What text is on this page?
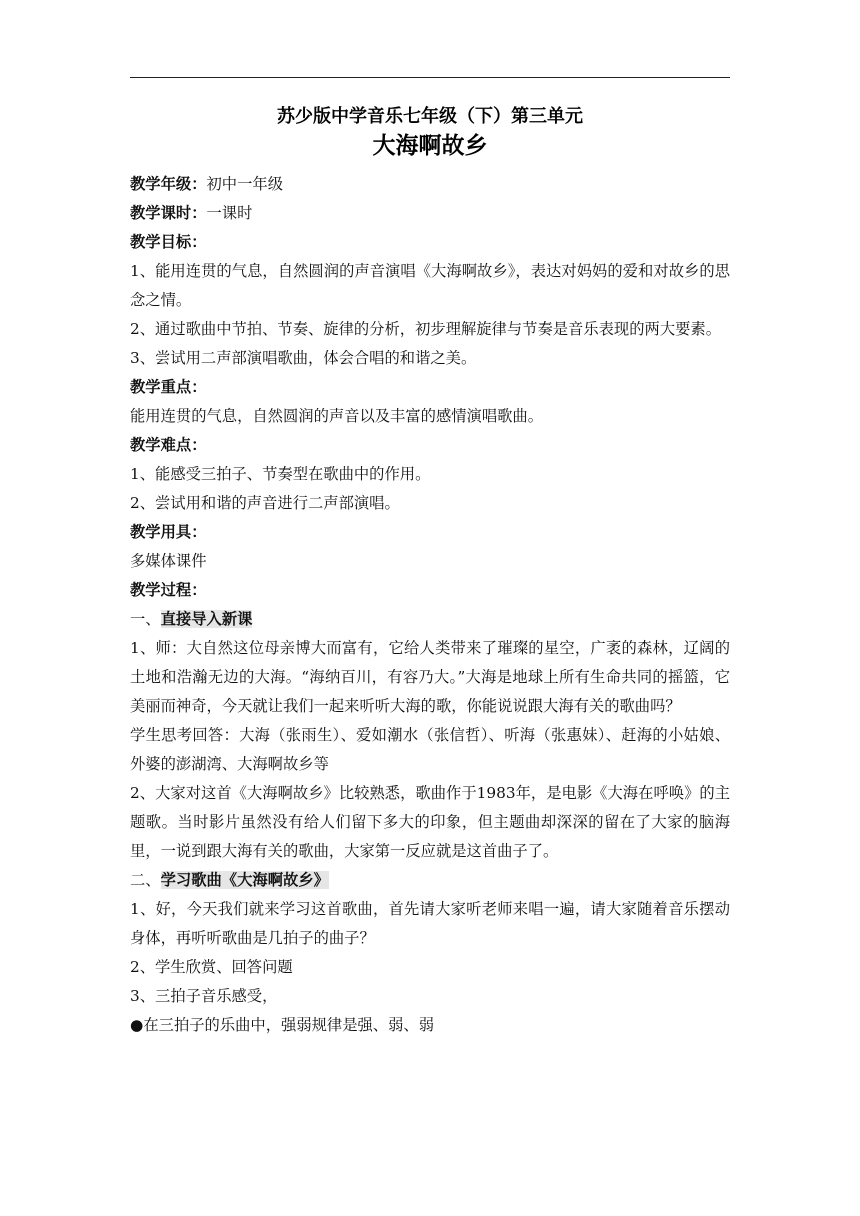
苏少版中学音乐七年级（下）第三单元

大海啊故乡

教学年级：初中一年级

教学课时：一课时

教学目标：

1、能用连贯的气息，自然圆润的声音演唱《大海啊故乡》，表达对妈妈的爱和对故乡的思念之情。

2、通过歌曲中节拍、节奏、旋律的分析，初步理解旋律与节奏是音乐表现的两大要素。

3、尝试用二声部演唱歌曲，体会合唱的和谐之美。

教学重点：

能用连贯的气息，自然圆润的声音以及丰富的感情演唱歌曲。

教学难点：

1、能感受三拍子、节奏型在歌曲中的作用。

2、尝试用和谐的声音进行二声部演唱。

教学用具：

多媒体课件

教学过程：

一、直接导入新课

1、师：大自然这位母亲博大而富有，它给人类带来了璀璨的星空，广袤的森林，辽阔的土地和浩瀚无边的大海。“海纳百川，有容乃大。”大海是地球上所有生命共同的摇篮，它美丽而神奇，今天就让我们一起来听听大海的歌，你能说说跟大海有关的歌曲吗？

学生思考回答：大海（张雨生）、爱如潮水（张信哲）、听海（张惠妹）、赶海的小姑娘、外婆的澎湖湾、大海啊故乡等

2、大家对这首《大海啊故乡》比较熟悉，歌曲作于1983年，是电影《大海在呼唤》的主题歌。当时影片虽然没有给人们留下多大的印象，但主题曲却深深的留在了大家的脑海里，一说到跟大海有关的歌曲，大家第一反应就是这首曲子了。

二、学习歌曲《大海啊故乡》

1、好，今天我们就来学习这首歌曲，首先请大家听老师来唱一遍，请大家随着音乐摆动身体，再听听歌曲是几拍子的曲子？

2、学生欣赏、回答问题

3、三拍子音乐感受，

●在三拍子的乐曲中，强弱规律是强、弱、弱
